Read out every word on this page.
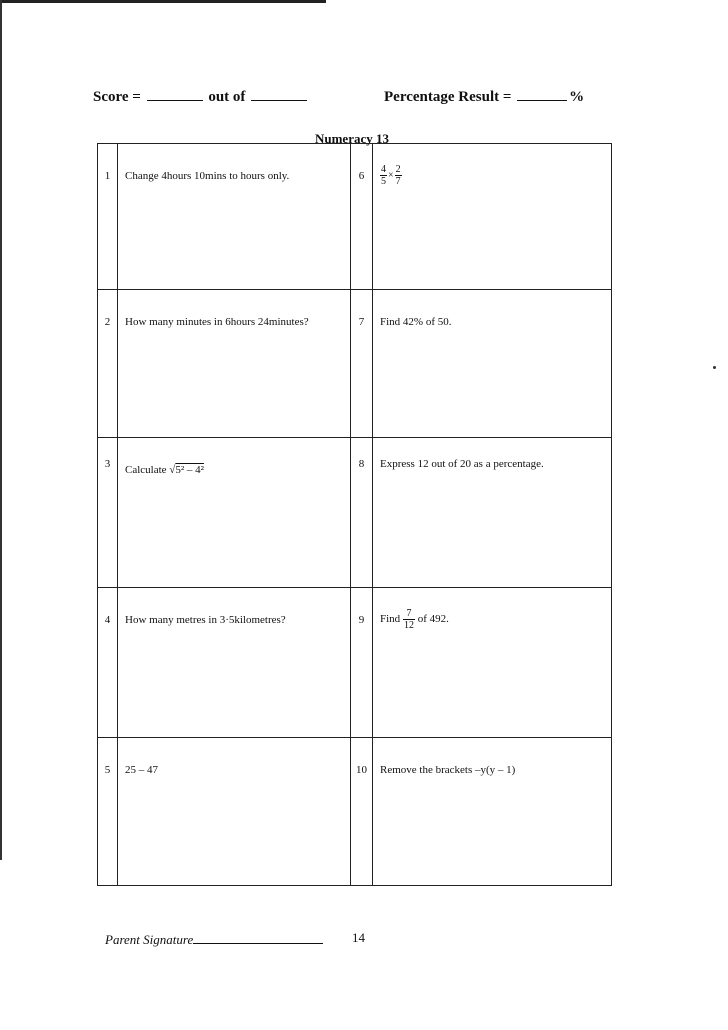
Score =	out of	Percentage Result =	%
Numeracy 13
1	Change 4hours 10mins to hours only.	6	$\frac{4}{5} \times \frac{2}{7}$

2	How many minutes in 6hours 24minutes?	7	Find 42% of 50.
3	Calculate √5² – 4²	8	Express 12 out of 20 as a percentage.
4	How many metres in 3·5kilometres?	9	Find $\frac{7}{12}$ of 492.
5	25 – 47	10	Remove the brackets –y(y – 1)
Parent Signature	14
